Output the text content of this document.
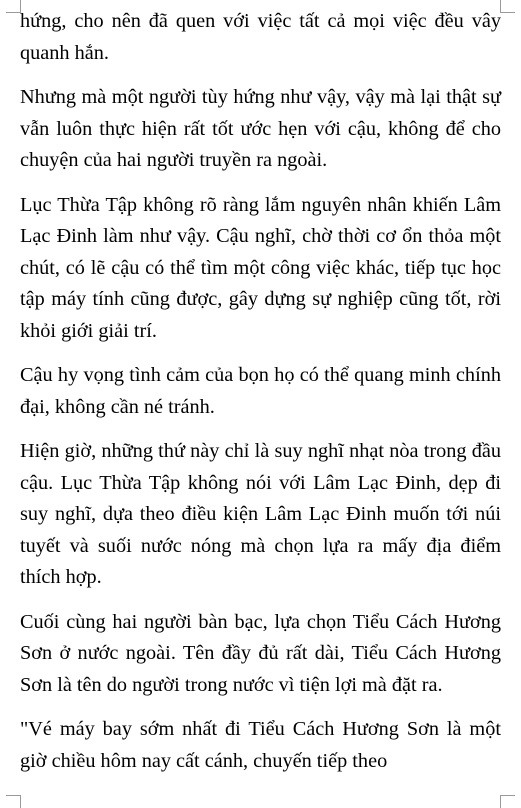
hứng, cho nên đã quen với việc tất cả mọi việc đều vây quanh hắn.

Nhưng mà một người tùy hứng như vậy, vậy mà lại thật sự vẫn luôn thực hiện rất tốt ước hẹn với cậu, không để cho chuyện của hai người truyền ra ngoài.

Lục Thừa Tập không rõ ràng lắm nguyên nhân khiến Lâm Lạc Đinh làm như vậy. Cậu nghĩ, chờ thời cơ ổn thỏa một chút, có lẽ cậu có thể tìm một công việc khác, tiếp tục học tập máy tính cũng được, gây dựng sự nghiệp cũng tốt, rời khỏi giới giải trí.

Cậu hy vọng tình cảm của bọn họ có thể quang minh chính đại, không cần né tránh.

Hiện giờ, những thứ này chỉ là suy nghĩ nhạt nòa trong đầu cậu. Lục Thừa Tập không nói với Lâm Lạc Đinh, dẹp đi suy nghĩ, dựa theo điều kiện Lâm Lạc Đinh muốn tới núi tuyết và suối nước nóng mà chọn lựa ra mấy địa điểm thích hợp.

Cuối cùng hai người bàn bạc, lựa chọn Tiểu Cách Hương Sơn ở nước ngoài. Tên đầy đủ rất dài, Tiểu Cách Hương Sơn là tên do người trong nước vì tiện lợi mà đặt ra.

"Vé máy bay sớm nhất đi Tiểu Cách Hương Sơn là một giờ chiều hôm nay cất cánh, chuyến tiếp theo
